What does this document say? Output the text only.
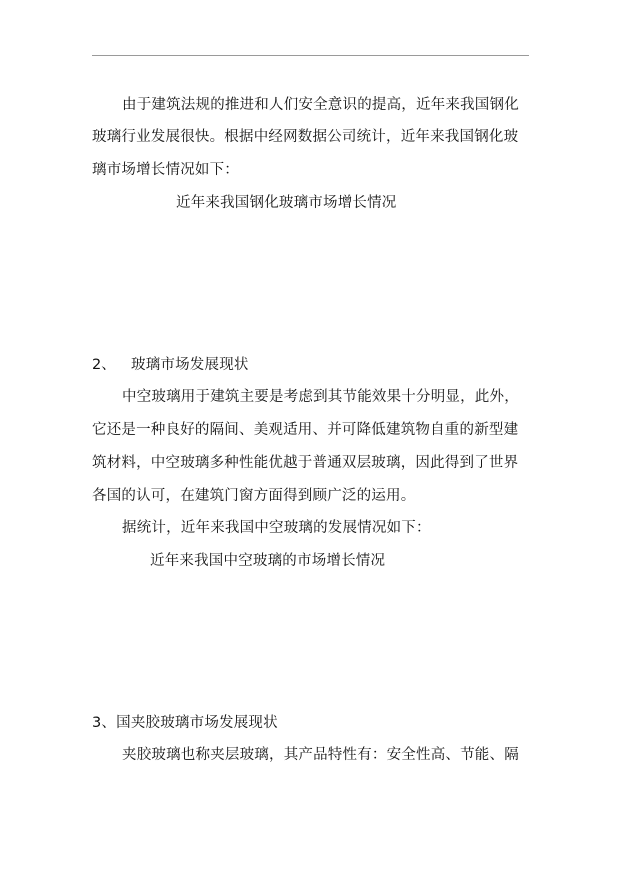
由于建筑法规的推进和人们安全意识的提高，近年来我国钢化
玻璃行业发展很快。根据中经网数据公司统计，近年来我国钢化玻
璃市场增长情况如下：
近年来我国钢化玻璃市场增长情况
2、 玻璃市场发展现状
中空玻璃用于建筑主要是考虑到其节能效果十分明显，此外，
它还是一种良好的隔间、美观适用、并可降低建筑物自重的新型建
筑材料，中空玻璃多种性能优越于普通双层玻璃，因此得到了世界
各国的认可，在建筑门窗方面得到顾广泛的运用。
据统计，近年来我国中空玻璃的发展情况如下：
近年来我国中空玻璃的市场增长情况
3、国夹胶玻璃市场发展现状
夹胶玻璃也称夹层玻璃，其产品特性有：安全性高、节能、隔
